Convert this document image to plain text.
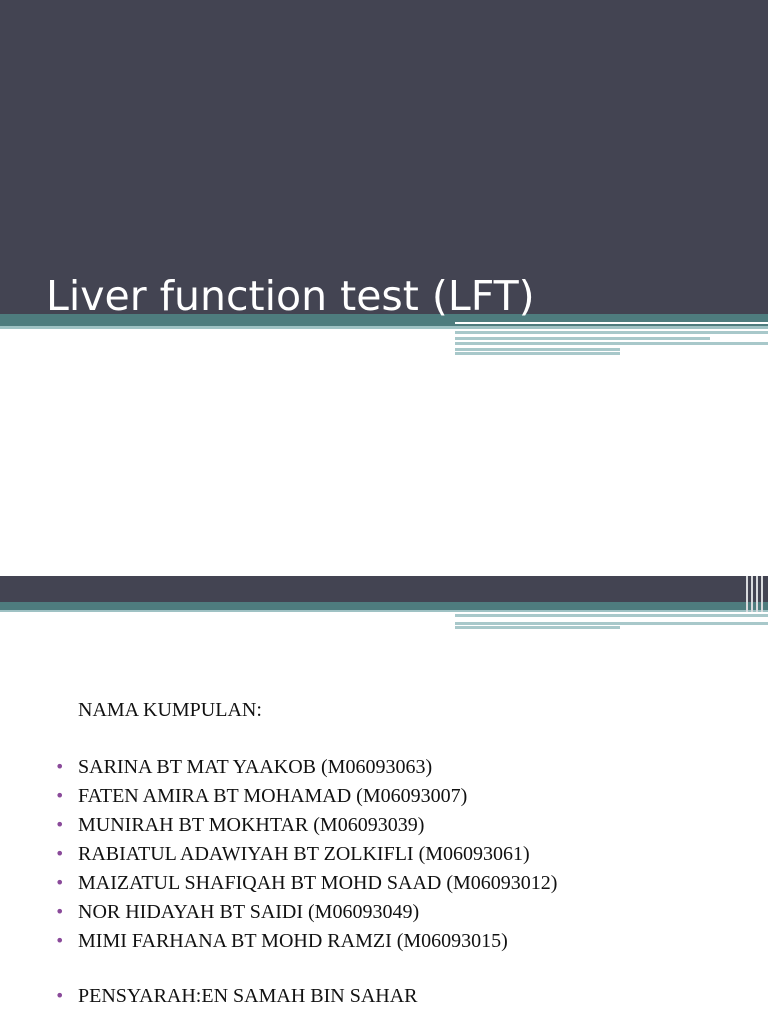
Liver function test (LFT)
NAMA KUMPULAN:
• SARINA BT MAT YAAKOB (M06093063)
• FATEN AMIRA BT MOHAMAD (M06093007)
• MUNIRAH BT MOKHTAR (M06093039)
• RABIATUL ADAWIYAH BT ZOLKIFLI (M06093061)
• MAIZATUL SHAFIQAH BT MOHD SAAD (M06093012)
• NOR HIDAYAH BT SAIDI (M06093049)
• MIMI FARHANA BT MOHD RAMZI (M06093015)
• PENSYARAH:EN SAMAH BIN SAHAR
